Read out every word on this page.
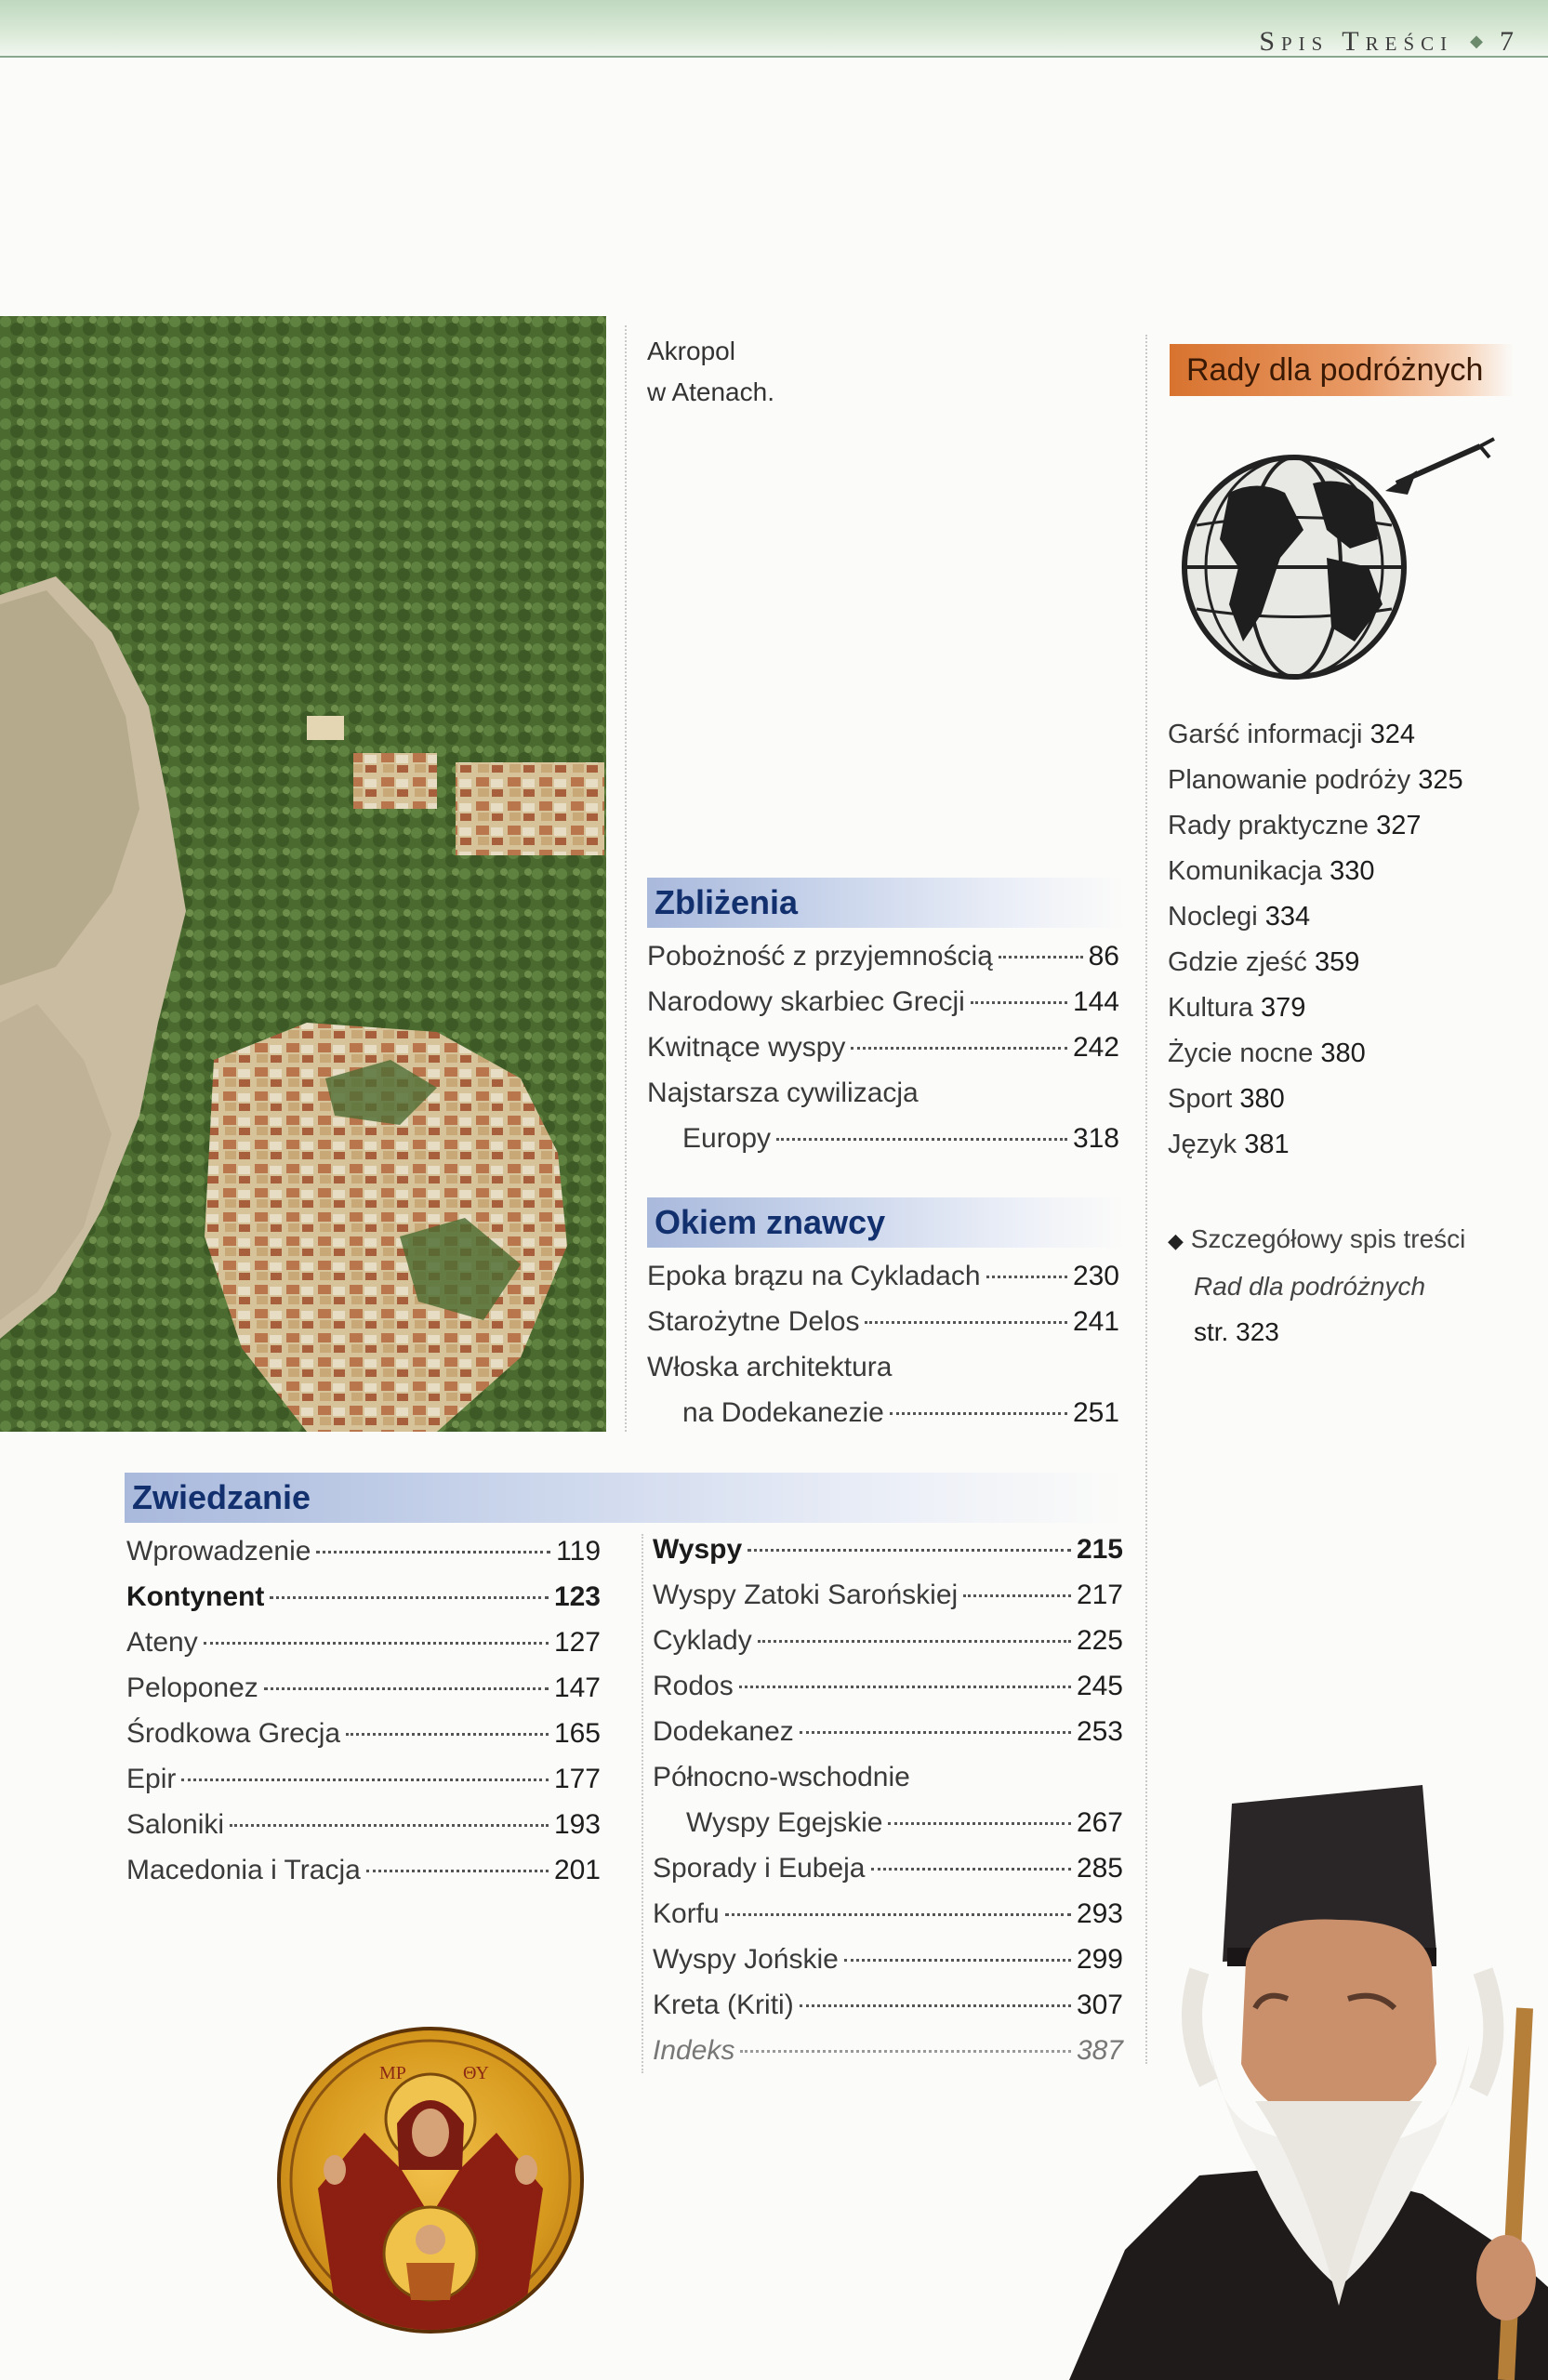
Spis Treści ◆ 7
Akropol
w Atenach.
Zbliżenia
Pobożność z przyjemnością	86
Narodowy skarbiec Grecji	144
Kwitnące wyspy	242
Najstarsza cywilizacja
Europy	318
Okiem znawcy
Epoka brązu na Cykladach	230
Starożytne Delos	241
Włoska architektura
na Dodekanezie	251
Rady dla podróżnych
Garść informacji 324
Planowanie podróży 325
Rady praktyczne 327
Komunikacja 330
Noclegi 334
Gdzie zjeść 359
Kultura 379
Życie nocne 380
Sport 380
Język 381
◆ Szczegółowy spis treści
Rad dla podróżnych
str. 323
Zwiedzanie
Wprowadzenie	119
Kontynent	123
Ateny	127
Peloponez	147
Środkowa Grecja	165
Epir	177
Saloniki	193
Macedonia i Tracja	201
Wyspy	215
Wyspy Zatoki Sarońskiej	217
Cyklady	225
Rodos	245
Dodekanez	253
Północno-wschodnie
Wyspy Egejskie	267
Sporady i Eubeja	285
Korfu	293
Wyspy Jońskie	299
Kreta (Kriti)	307
Indeks	387
ΜΡ	ΘΥ
